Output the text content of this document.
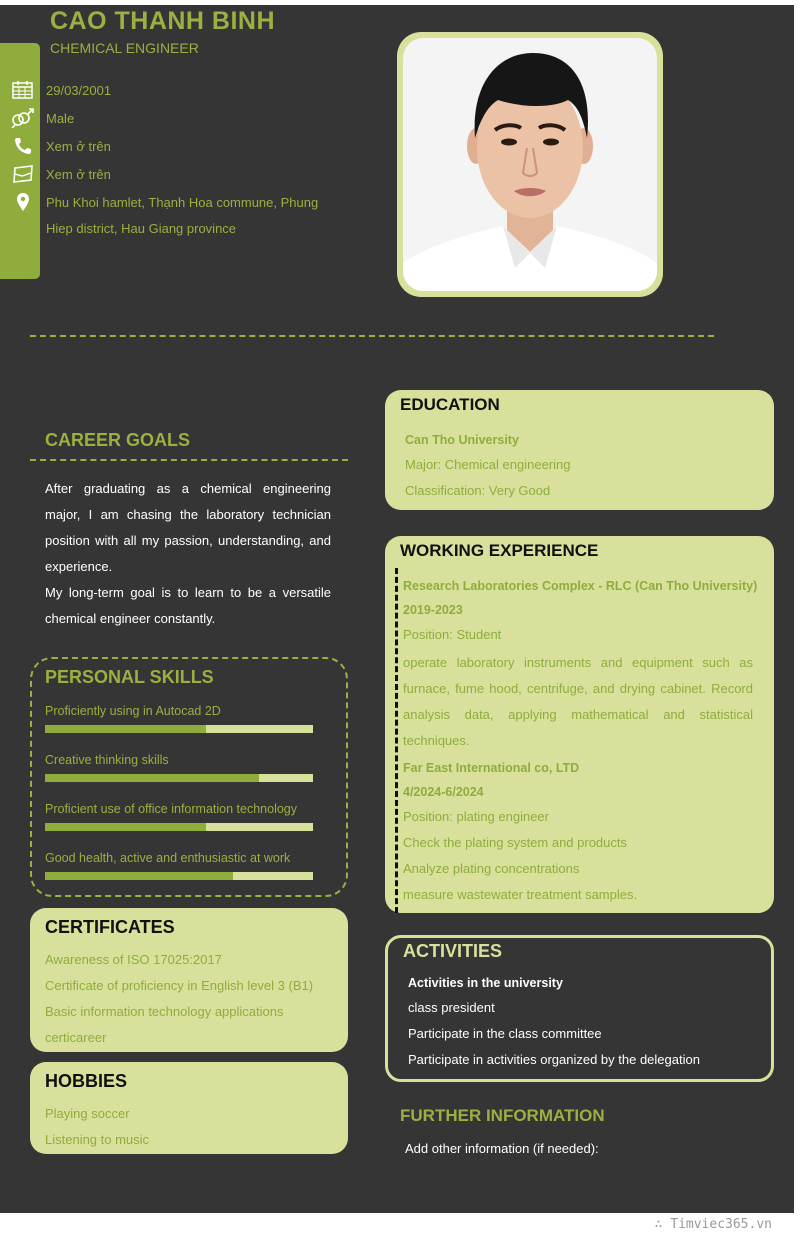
CAO THANH BINH
CHEMICAL ENGINEER
29/03/2001
Male
Xem ở trên
Xem ở trên
Phu Khoi hamlet, Thạnh Hoa commune, Phung
Hiep district, Hau Giang province
CAREER GOALS

After graduating as a chemical engineering major, I am chasing the laboratory technician position with all my passion, understanding, and experience.

My long-term goal is to learn to be a versatile chemical engineer constantly.

PERSONAL SKILLS
Proficiently using in Autocad 2D
Creative thinking skills
Proficient use of office information technology
Good health, active and enthusiastic at work
CERTIFICATES
Awareness of ISO 17025:2017
Certificate of proficiency in English level 3 (B1)
Basic information technology applications
certicareer
HOBBIES
Playing soccer
Listening to music
EDUCATION
Can Tho University
Major: Chemical engineering
Classification: Very Good
WORKING EXPERIENCE
Research Laboratories Complex - RLC (Can Tho University)
2019-2023
Position: Student
operate laboratory instruments and equipment such as furnace, fume hood, centrifuge, and drying cabinet. Record analysis data, applying mathematical and statistical techniques.
Far East International co, LTD
4/2024-6/2024
Position: plating engineer
Check the plating system and products
Analyze plating concentrations
measure wastewater treatment samples.
ACTIVITIES
Activities in the university
class president
Participate in the class committee
Participate in activities organized by the delegation
FURTHER INFORMATION
Add other information (if needed):
∴ Timviec365.vn
